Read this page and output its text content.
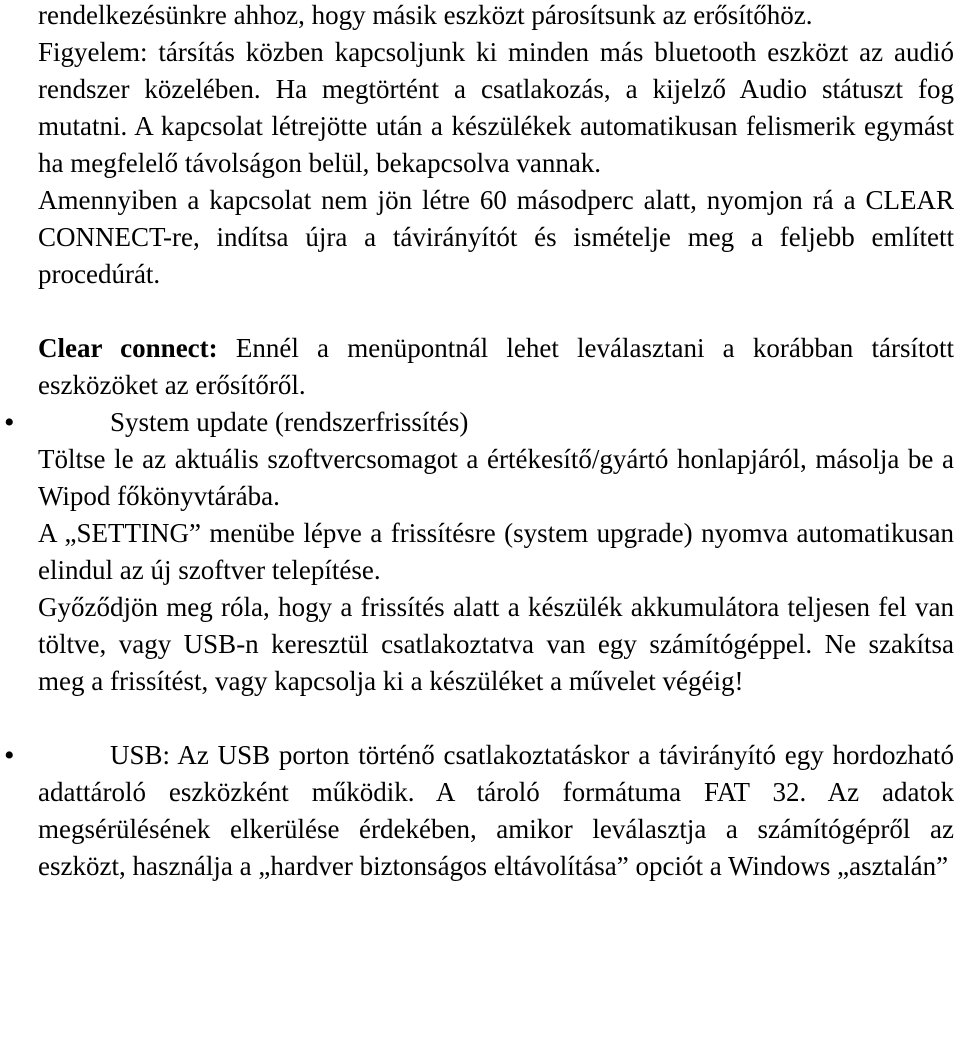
rendelkezésünkre ahhoz, hogy másik eszközt párosítsunk az erősítőhöz.

Figyelem: társítás közben kapcsoljunk ki minden más bluetooth eszközt az audió rendszer közelében. Ha megtörtént a csatlakozás, a kijelző Audio státuszt fog mutatni. A kapcsolat létrejötte után a készülékek automatikusan felismerik egymást ha megfelelő távolságon belül, bekapcsolva vannak.

Amennyiben a kapcsolat nem jön létre 60 másodperc alatt, nyomjon rá a CLEAR CONNECT-re, indítsa újra a távirányítót és ismételje meg a feljebb említett procedúrát.

Clear connect: Ennél a menüpontnál lehet leválasztani a korábban társított eszközöket az erősítőről.

•	System update (rendszerfrissítés)

Töltse le az aktuális szoftvercsomagot a értékesítő/gyártó honlapjáról, másolja be a Wipod főkönyvtárába.

A „SETTING” menübe lépve a frissítésre (system upgrade) nyomva automatikusan elindul az új szoftver telepítése.

Győződjön meg róla, hogy a frissítés alatt a készülék akkumulátora teljesen fel van töltve, vagy USB-n keresztül csatlakoztatva van egy számítógéppel. Ne szakítsa meg a frissítést, vagy kapcsolja ki a készüléket a művelet végéig!

•	USB: Az USB porton történő csatlakoztatáskor a távirányító egy hordozható adattároló eszközként működik. A tároló formátuma FAT 32. Az adatok megsérülésének elkerülése érdekében, amikor leválasztja a számítógépről az eszközt, használja a „hardver biztonságos eltávolítása” opciót a Windows „asztalán”
